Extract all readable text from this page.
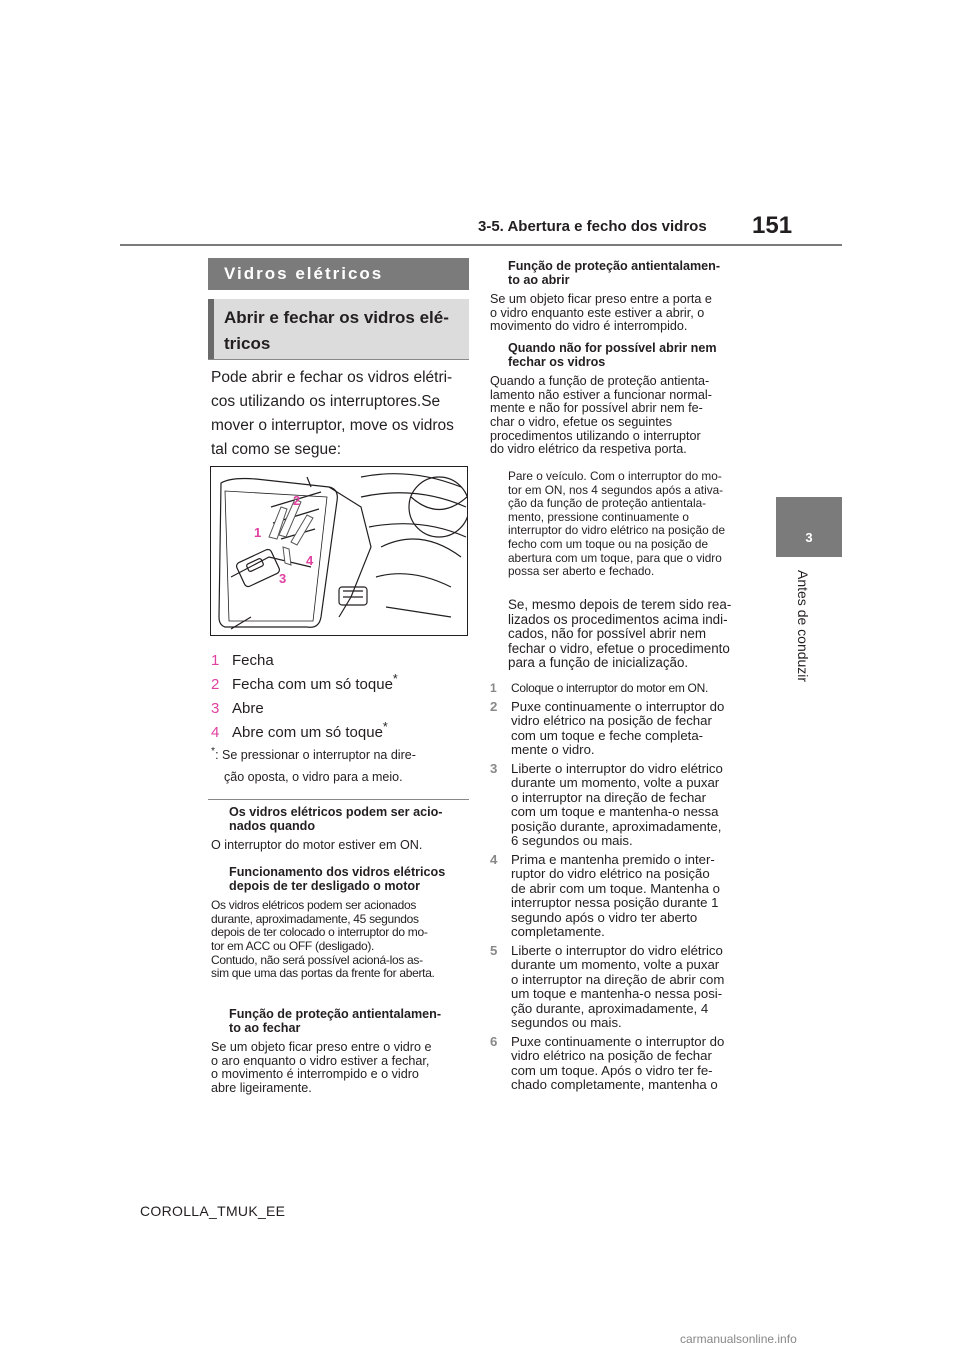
3-5. Abertura e fecho dos vidros 151
3
Antes de conduzir
Vidros elétricos
Abrir e fechar os vidros elé-
tricos
Pode abrir e fechar os vidros elétri-
cos utilizando os interruptores.Se
mover o interruptor, move os vidros
tal como se segue:
1
2
3
4
1 Fecha
2 Fecha com um só toque*
3 Abre
4 Abre com um só toque*
*: Se pressionar o interruptor na dire-
ção oposta, o vidro para a meio.
Os vidros elétricos podem ser acio-
nados quando
O interruptor do motor estiver em ON.
Funcionamento dos vidros elétricos
depois de ter desligado o motor
Os vidros elétricos podem ser acionados
durante, aproximadamente, 45 segundos
depois de ter colocado o interruptor do mo-
tor em ACC ou OFF (desligado).
Contudo, não será possível acioná-los as-
sim que uma das portas da frente for aberta.
Função de proteção antientalamen-
to ao fechar
Se um objeto ficar preso entre o vidro e
o aro enquanto o vidro estiver a fechar,
o movimento é interrompido e o vidro
abre ligeiramente.
Função de proteção antientalamen-
to ao abrir
Se um objeto ficar preso entre a porta e
o vidro enquanto este estiver a abrir, o
movimento do vidro é interrompido.
Quando não for possível abrir nem
fechar os vidros
Quando a função de proteção antienta-
lamento não estiver a funcionar normal-
mente e não for possível abrir nem fe-
char o vidro, efetue os seguintes
procedimentos utilizando o interruptor
do vidro elétrico da respetiva porta.
Pare o veículo. Com o interruptor do mo-
tor em ON, nos 4 segundos após a ativa-
ção da função de proteção antientala-
mento, pressione continuamente o
interruptor do vidro elétrico na posição de
fecho com um toque ou na posição de
abertura com um toque, para que o vidro
possa ser aberto e fechado.
Se, mesmo depois de terem sido rea-
lizados os procedimentos acima indi-
cados, não for possível abrir nem
fechar o vidro, efetue o procedimento
para a função de inicialização.
1 Coloque o interruptor do motor em ON.
2 Puxe continuamente o interruptor do
vidro elétrico na posição de fechar
com um toque e feche completa-
mente o vidro.
3 Liberte o interruptor do vidro elétrico
durante um momento, volte a puxar
o interruptor na direção de fechar
com um toque e mantenha-o nessa
posição durante, aproximadamente,
6 segundos ou mais.
4 Prima e mantenha premido o inter-
ruptor do vidro elétrico na posição
de abrir com um toque. Mantenha o
interruptor nessa posição durante 1
segundo após o vidro ter aberto
completamente.
5 Liberte o interruptor do vidro elétrico
durante um momento, volte a puxar
o interruptor na direção de abrir com
um toque e mantenha-o nessa posi-
ção durante, aproximadamente, 4
segundos ou mais.
6 Puxe continuamente o interruptor do
vidro elétrico na posição de fechar
com um toque. Após o vidro ter fe-
chado completamente, mantenha o
COROLLA_TMUK_EE
carmanualsonline.info
